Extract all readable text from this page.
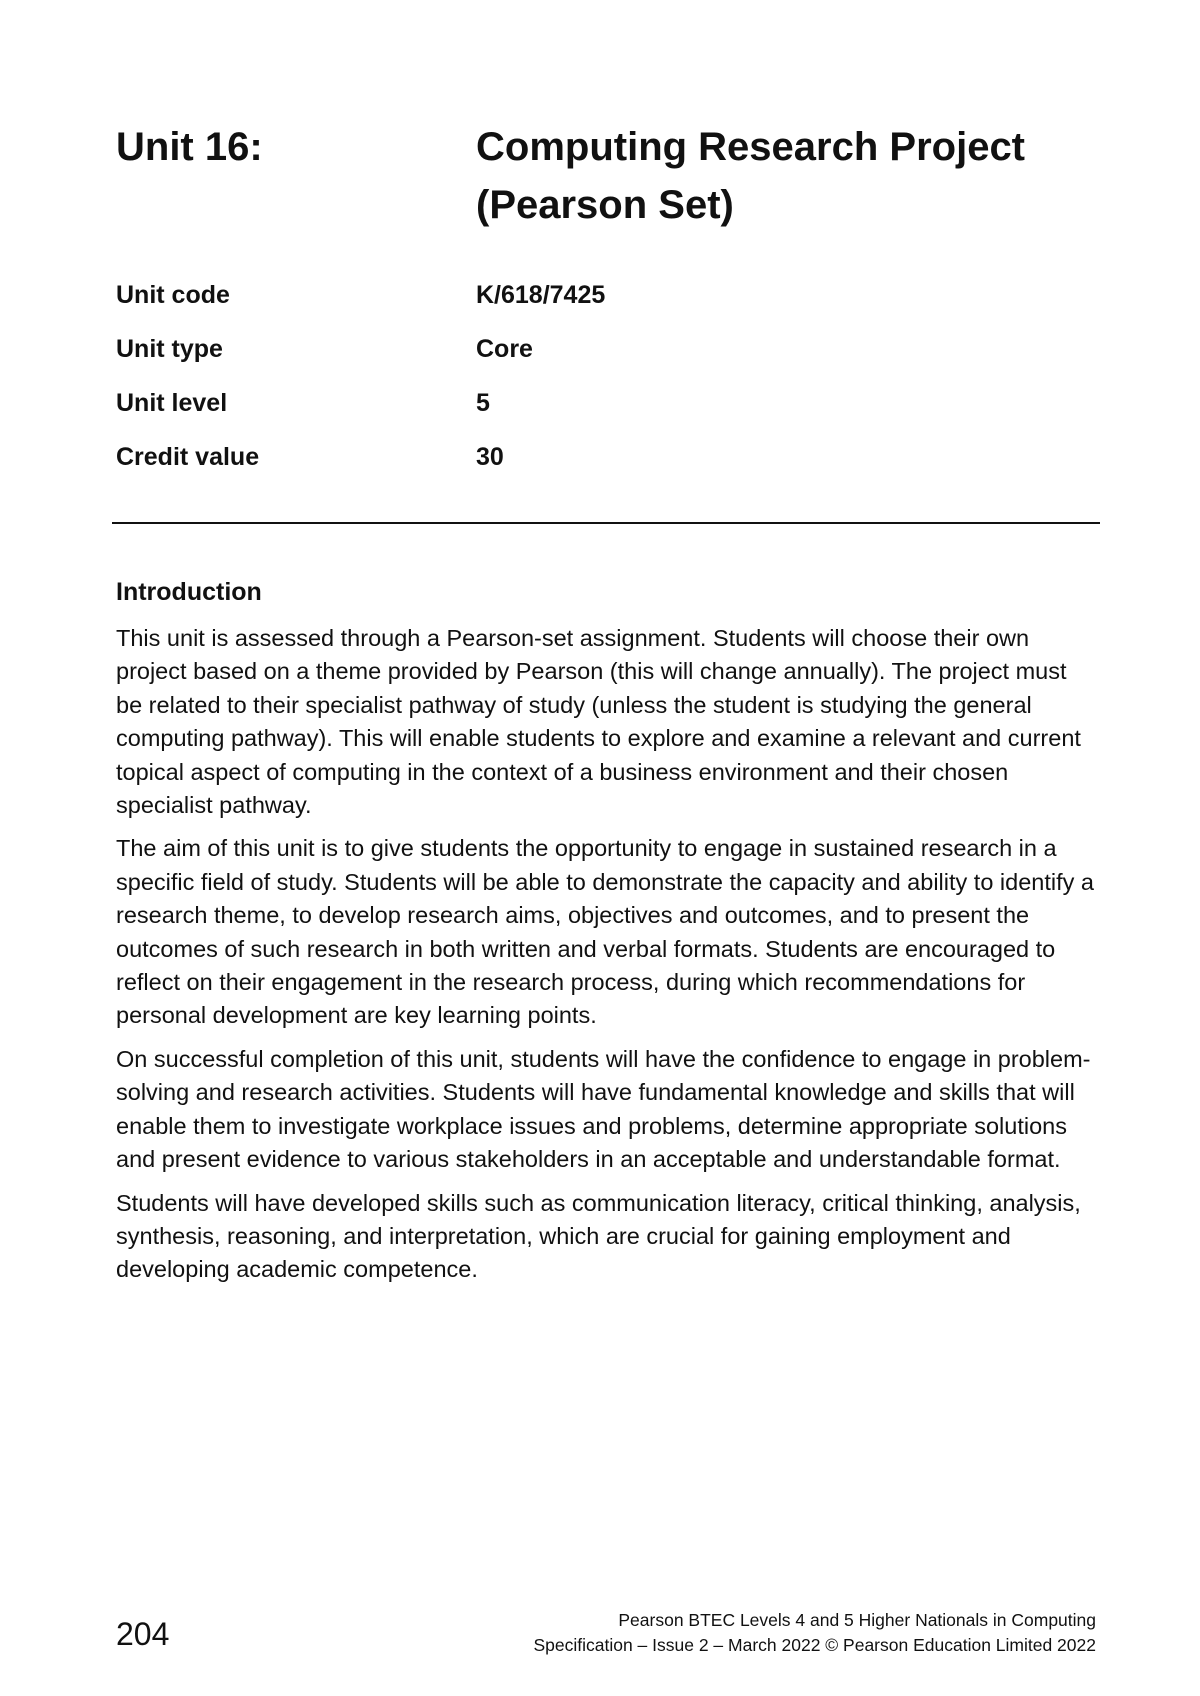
Unit 16:	Computing Research Project
(Pearson Set)
Unit code	K/618/7425
Unit type	Core
Unit level	5
Credit value	30
Introduction

This unit is assessed through a Pearson-set assignment. Students will choose their own project based on a theme provided by Pearson (this will change annually). The project must be related to their specialist pathway of study (unless the student is studying the general computing pathway). This will enable students to explore and examine a relevant and current topical aspect of computing in the context of a business environment and their chosen specialist pathway.

The aim of this unit is to give students the opportunity to engage in sustained research in a specific field of study. Students will be able to demonstrate the capacity and ability to identify a research theme, to develop research aims, objectives and outcomes, and to present the outcomes of such research in both written and verbal formats. Students are encouraged to reflect on their engagement in the research process, during which recommendations for personal development are key learning points.

On successful completion of this unit, students will have the confidence to engage in problem-solving and research activities. Students will have fundamental knowledge and skills that will enable them to investigate workplace issues and problems, determine appropriate solutions and present evidence to various stakeholders in an acceptable and understandable format.

Students will have developed skills such as communication literacy, critical thinking, analysis, synthesis, reasoning, and interpretation, which are crucial for gaining employment and developing academic competence.

204	Pearson BTEC Levels 4 and 5 Higher Nationals in Computing
Specification – Issue 2 – March 2022 © Pearson Education Limited 2022
